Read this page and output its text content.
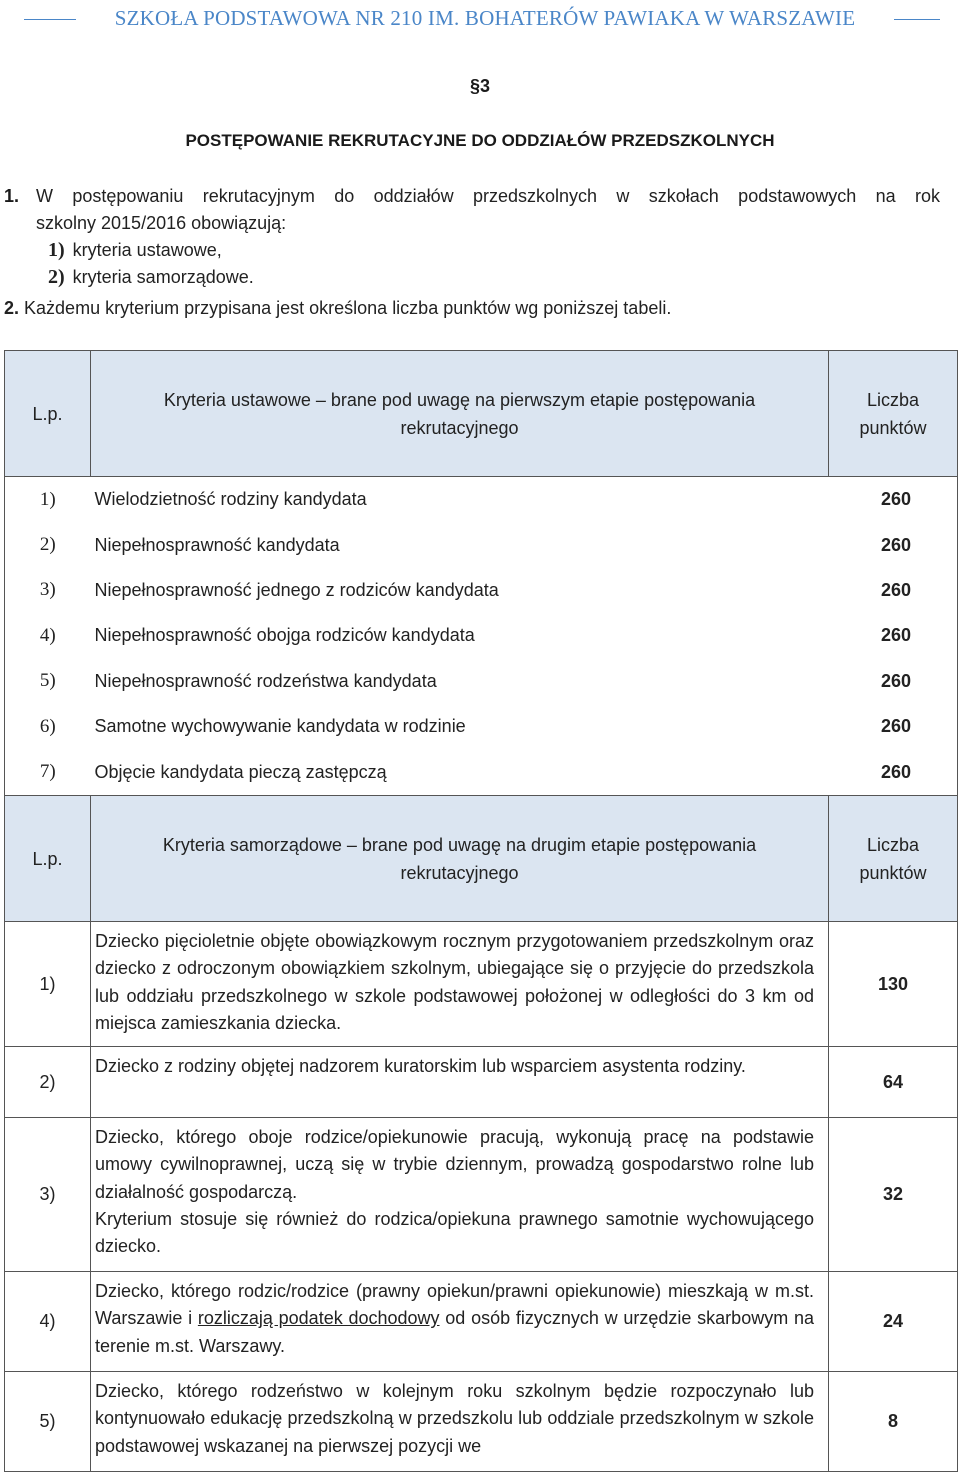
SZKOŁA PODSTAWOWA NR 210 IM. BOHATERÓW PAWIAKA W WARSZAWIE
§3
POSTĘPOWANIE REKRUTACYJNE DO ODDZIAŁÓW PRZEDSZKOLNYCH
1. W postępowaniu rekrutacyjnym do oddziałów przedszkolnych w szkołach podstawowych na rok
szkolny 2015/2016 obowiązują:
1) kryteria ustawowe,
2) kryteria samorządowe.
2. Każdemu kryterium przypisana jest określona liczba punktów wg poniższej tabeli.
L.p.	Kryteria ustawowe – brane pod uwagę na pierwszym etapie postępowania rekrutacyjnego	Liczba
punktów
1)	Wielodzietność rodziny kandydata	260
2)	Niepełnosprawność kandydata	260
3)	Niepełnosprawność jednego z rodziców kandydata	260
4)	Niepełnosprawność obojga rodziców kandydata	260
5)	Niepełnosprawność rodzeństwa kandydata	260
6)	Samotne wychowywanie kandydata w rodzinie	260
7)	Objęcie kandydata pieczą zastępczą	260
L.p.	Kryteria samorządowe – brane pod uwagę na drugim etapie postępowania rekrutacyjnego	Liczba
punktów
1)	Dziecko pięcioletnie objęte obowiązkowym rocznym przygotowaniem przedszkolnym oraz dziecko z odroczonym obowiązkiem szkolnym, ubiegające się o przyjęcie do przedszkola lub oddziału przedszkolnego w szkole podstawowej położonej w odległości do 3 km od miejsca zamieszkania dziecka.	130
2)	Dziecko z rodziny objętej nadzorem kuratorskim lub wsparciem asystenta rodziny.	64
3)	Dziecko, którego oboje rodzice/opiekunowie pracują, wykonują pracę na podstawie umowy cywilnoprawnej, uczą się w trybie dziennym, prowadzą gospodarstwo rolne lub działalność gospodarczą.
Kryterium stosuje się również do rodzica/opiekuna prawnego samotnie wychowującego dziecko.	32
4)	Dziecko, którego rodzic/rodzice (prawny opiekun/prawni opiekunowie) mieszkają w m.st. Warszawie i rozliczają podatek dochodowy od osób fizycznych w urzędzie skarbowym na terenie m.st. Warszawy.	24
5)	Dziecko, którego rodzeństwo w kolejnym roku szkolnym będzie rozpoczynało lub kontynuowało edukację przedszkolną w przedszkolu lub oddziale przedszkolnym w szkole podstawowej wskazanej na pierwszej pozycji we	8
